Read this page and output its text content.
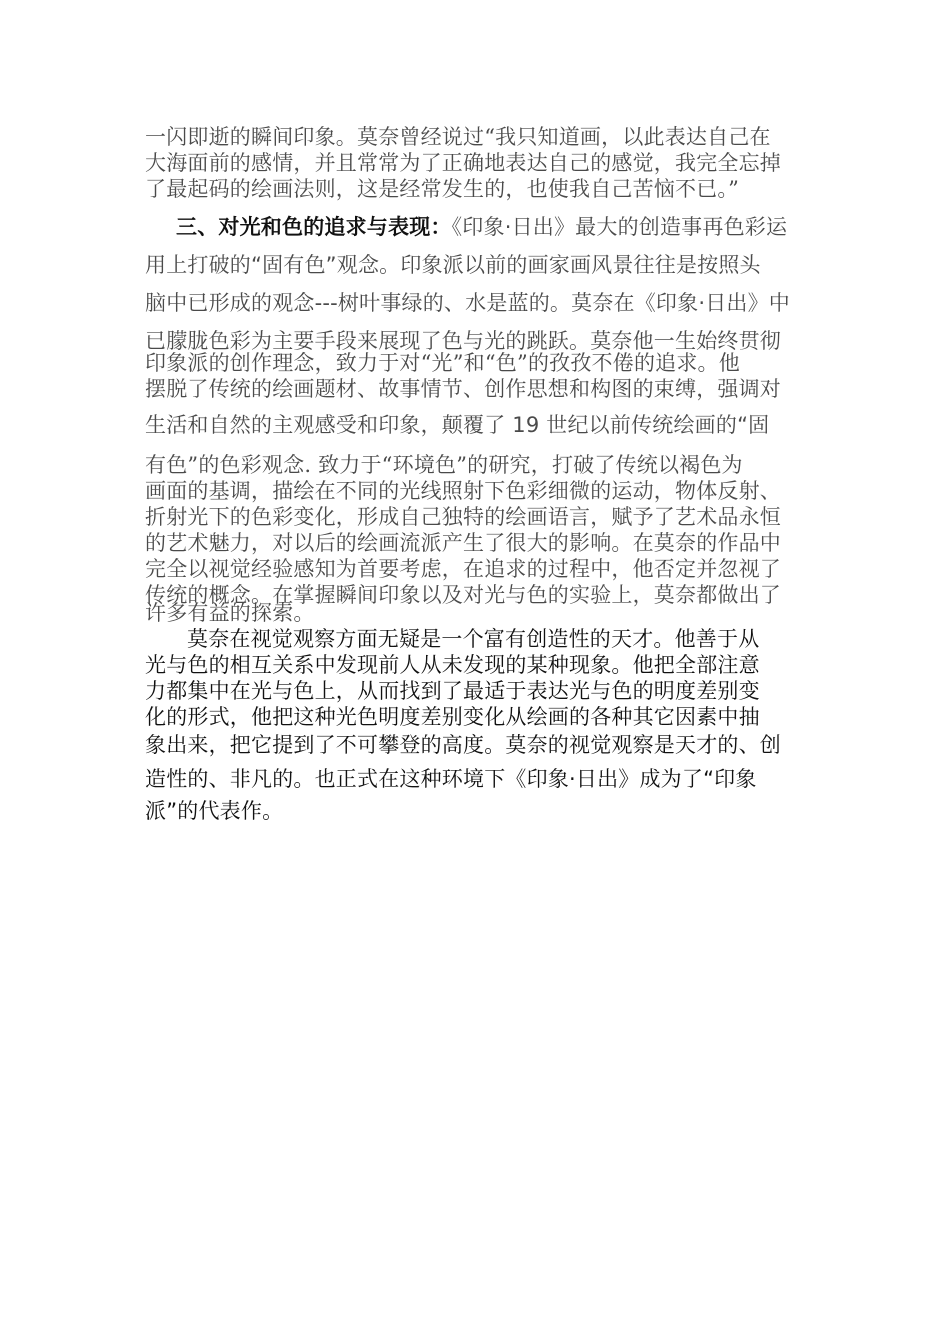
一闪即逝的瞬间印象。莫奈曾经说过“我只知道画，以此表达自己在
大海面前的感情，并且常常为了正确地表达自己的感觉，我完全忘掉
了最起码的绘画法则，这是经常发生的，也使我自己苦恼不已。”
三、对光和色的追求与表现：《印象·日出》最大的创造事再色彩运
用上打破的“固有色”观念。印象派以前的画家画风景往往是按照头
脑中已形成的观念---树叶事绿的、水是蓝的。莫奈在《印象·日出》中
已朦胧色彩为主要手段来展现了色与光的跳跃。莫奈他一生始终贯彻
印象派的创作理念，致力于对“光”和“色”的孜孜不倦的追求。他
摆脱了传统的绘画题材、故事情节、创作思想和构图的束缚，强调对
生活和自然的主观感受和印象，颠覆了 19 世纪以前传统绘画的“固
有色”的色彩观念. 致力于“环境色”的研究，打破了传统以褐色为
画面的基调，描绘在不同的光线照射下色彩细微的运动，物体反射、
折射光下的色彩变化，形成自己独特的绘画语言，赋予了艺术品永恒
的艺术魅力，对以后的绘画流派产生了很大的影响。在莫奈的作品中
完全以视觉经验感知为首要考虑，在追求的过程中，他否定并忽视了
传统的概念。在掌握瞬间印象以及对光与色的实验上，莫奈都做出了
许多有益的探索。
莫奈在视觉观察方面无疑是一个富有创造性的天才。他善于从
光与色的相互关系中发现前人从未发现的某种现象。他把全部注意
力都集中在光与色上，从而找到了最适于表达光与色的明度差别变
化的形式，他把这种光色明度差别变化从绘画的各种其它因素中抽
象出来，把它提到了不可攀登的高度。莫奈的视觉观察是天才的、创
造性的、非凡的。也正式在这种环境下《印象·日出》成为了“印象
派”的代表作。
